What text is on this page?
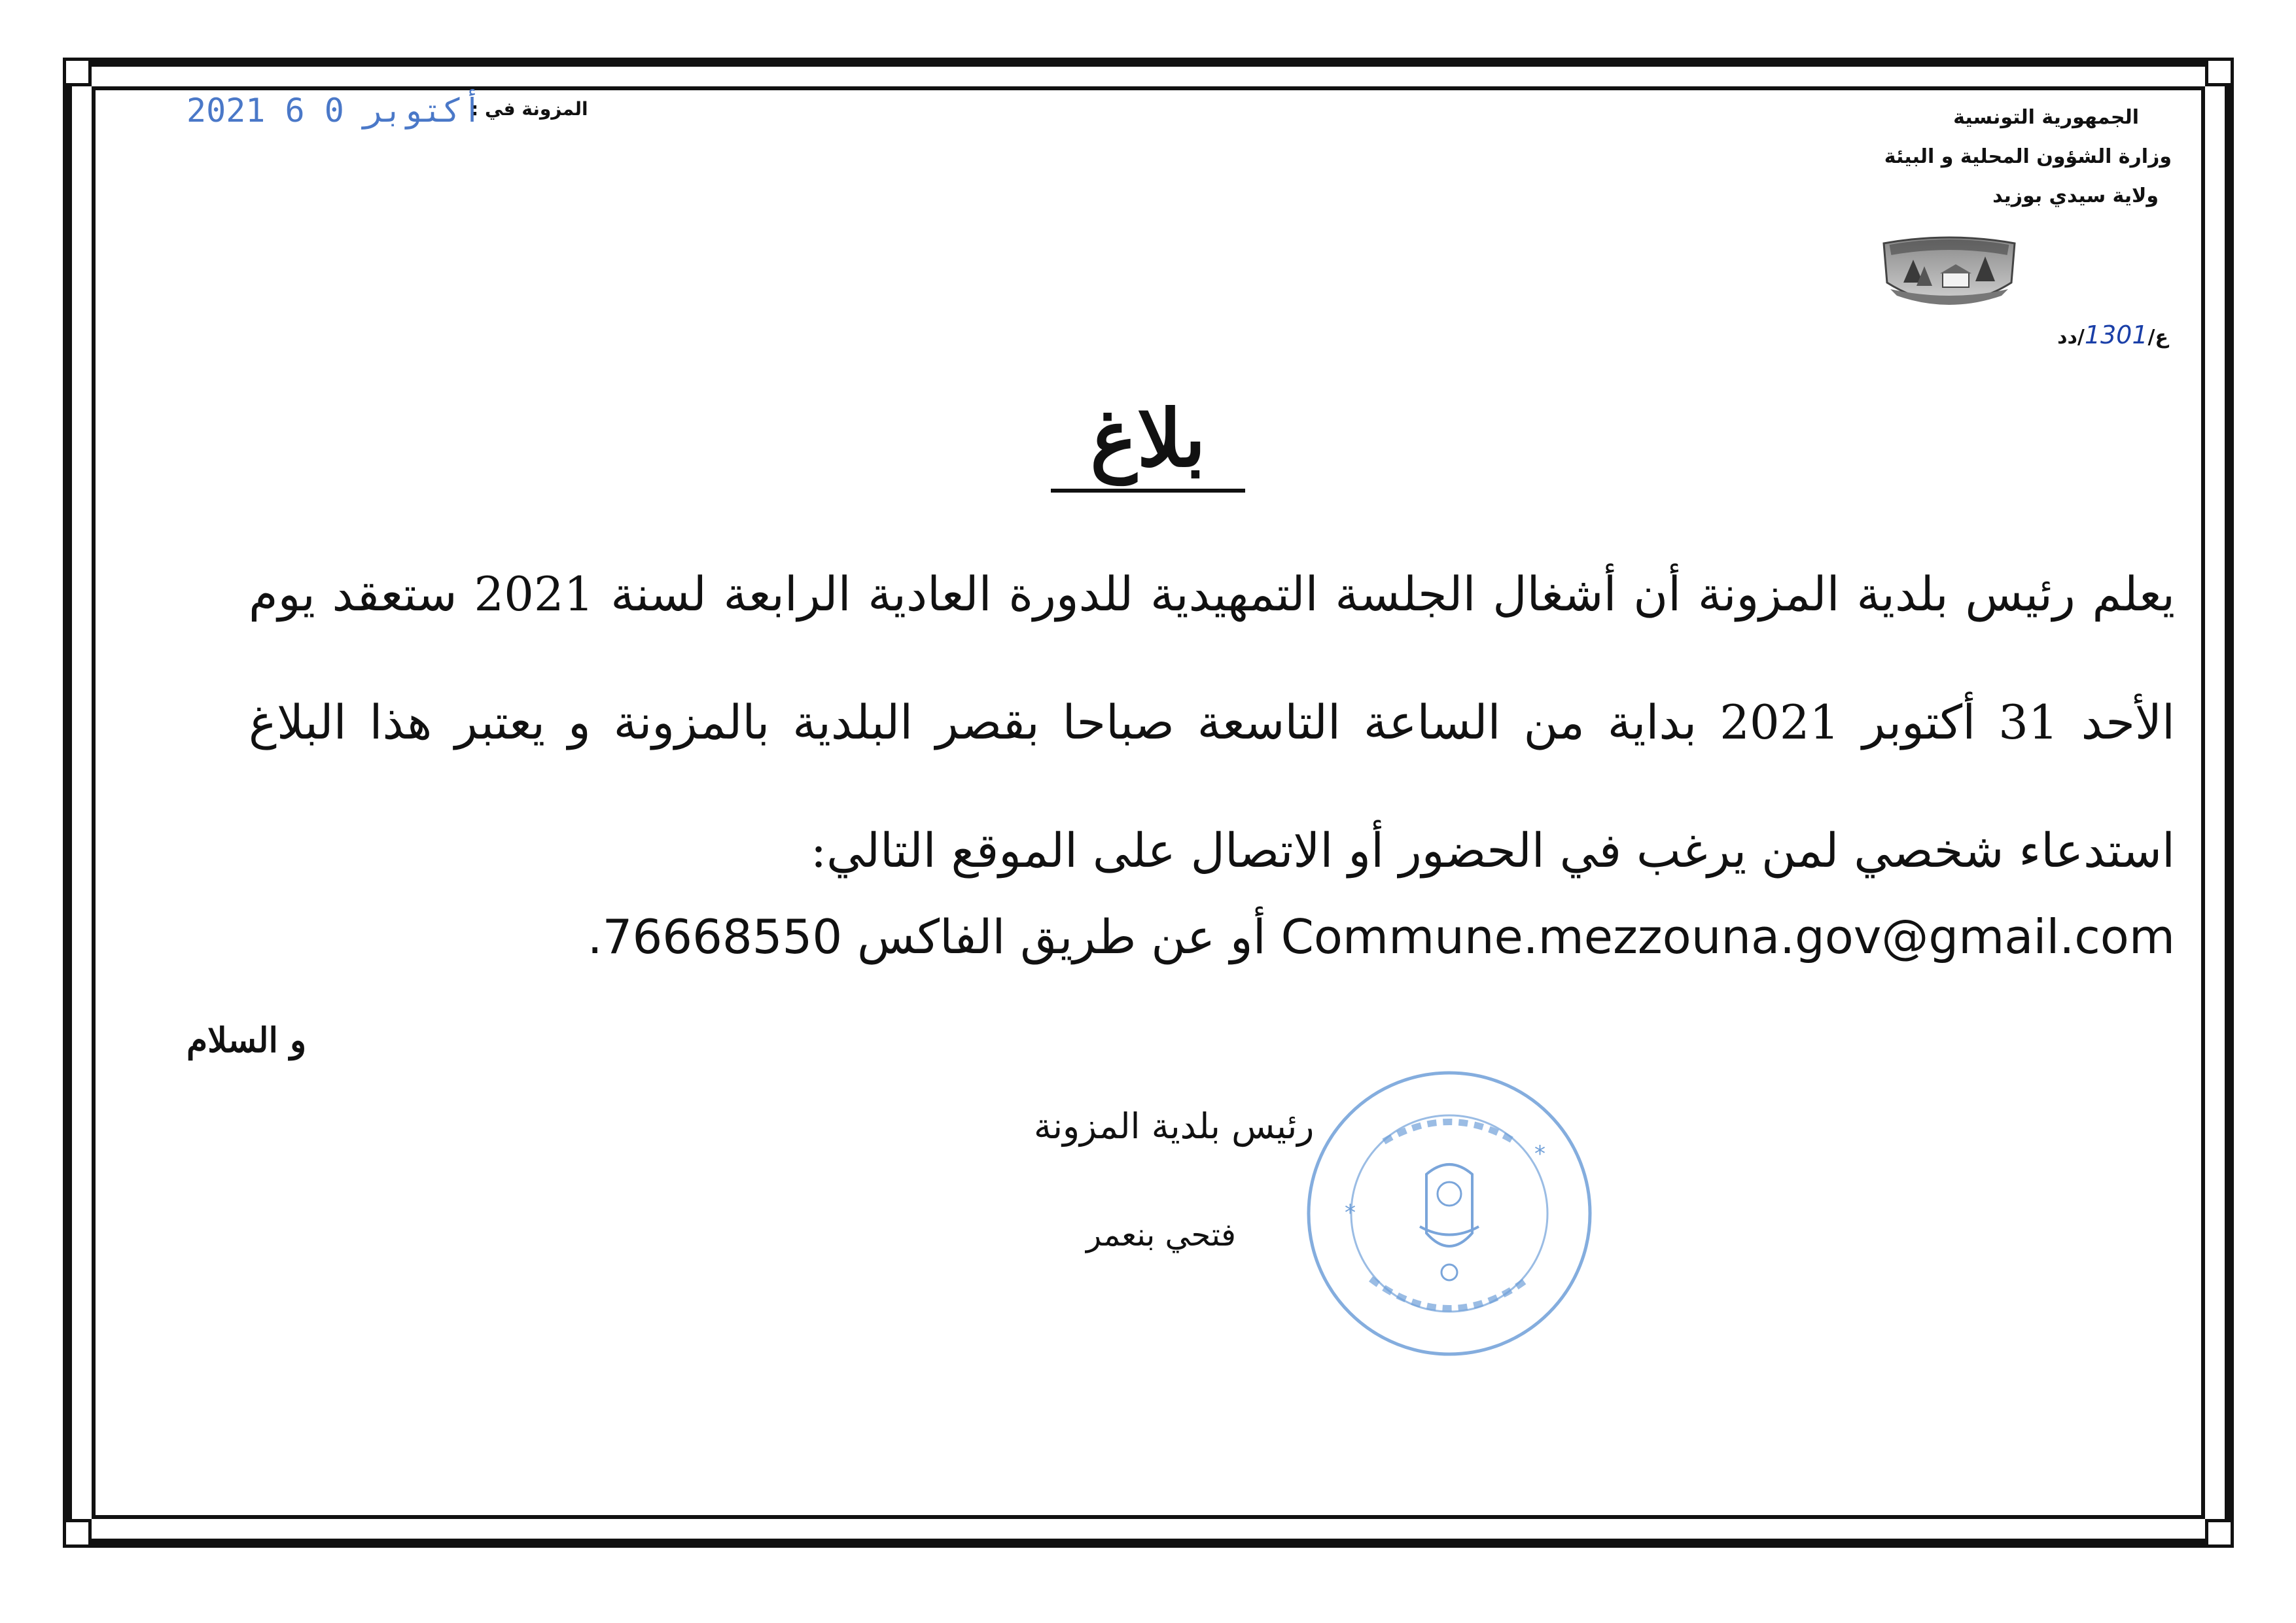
الجمهورية التونسية
وزارة الشؤون المحلية و البيئة
ولاية سيدي بوزيد
ع/1301/دد
المزونة في :
2021 أكتوبر 0 6
بلاغ

يعلم رئيس بلدية المزونة أن أشغال الجلسة التمهيدية للدورة العادية الرابعة لسنة 2021 ستعقد يوم الأحد 31 أكتوبر 2021 بداية من الساعة التاسعة صباحا بقصر البلدية بالمزونة و يعتبر هذا البلاغ استدعاء شخصي لمن يرغب في الحضور أو الاتصال على الموقع التالي:

Commune.mezzouna.gov@gmail.com أو عن طريق الفاكس 76668550.
و السلام
رئيس بلدية المزونة
فتحي بنعمر
*
*
